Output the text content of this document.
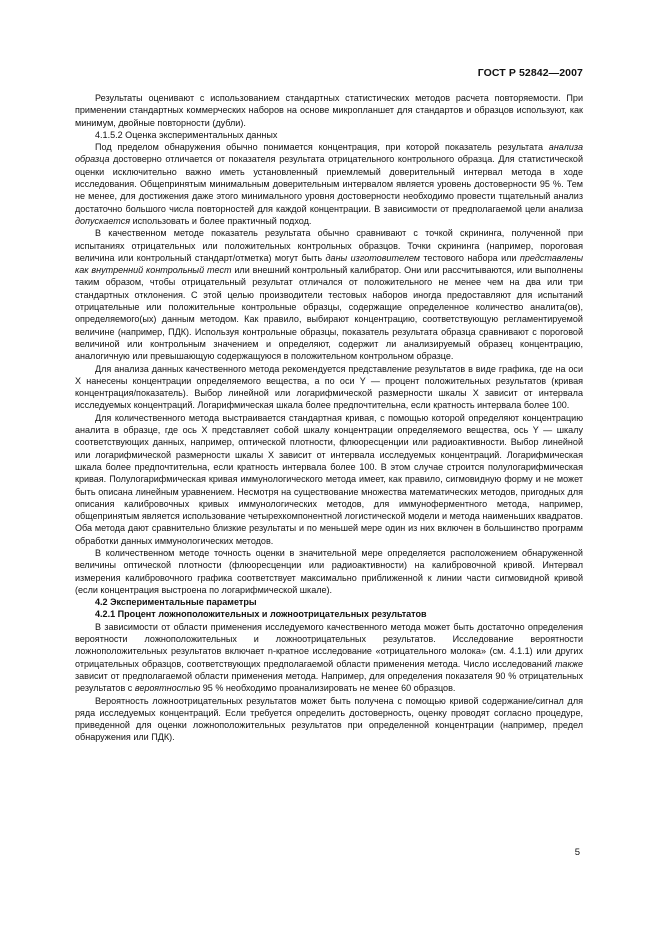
ГОСТ Р 52842—2007

Результаты оценивают с использованием стандартных статистических методов расчета повторяемости. При применении стандартных коммерческих наборов на основе микропланшет для стандартов и образцов используют, как минимум, двойные повторности (дубли).

4.1.5.2 Оценка экспериментальных данных

Под пределом обнаружения обычно понимается концентрация, при которой показатель результата анализа образца достоверно отличается от показателя результата отрицательного контрольного образца. Для статистической оценки исключительно важно иметь установленный приемлемый доверительный интервал метода в ходе исследования. Общепринятым минимальным доверительным интервалом является уровень достоверности 95 %. Тем не менее, для достижения даже этого минимального уровня достоверности необходимо провести тщательный анализ достаточно большого числа повторностей для каждой концентрации. В зависимости от предполагаемой цели анализа допускается использовать и более практичный подход.

В качественном методе показатель результата обычно сравнивают с точкой скрининга, полученной при испытаниях отрицательных или положительных контрольных образцов. Точки скрининга (например, пороговая величина или контрольный стандарт/отметка) могут быть даны изготовителем тестового набора или представлены как внутренний контрольный тест или внешний контрольный калибратор. Они или рассчитываются, или выполнены таким образом, чтобы отрицательный результат отличался от положительного не менее чем на два или три стандартных отклонения. С этой целью производители тестовых наборов иногда предоставляют для испытаний отрицательные или положительные контрольные образцы, содержащие определенное количество аналита(ов), определяемого(ых) данным методом. Как правило, выбирают концентрацию, соответствующую регламентируемой величине (например, ПДК). Используя контрольные образцы, показатель результата образца сравнивают с пороговой величиной или контрольным значением и определяют, содержит ли анализируемый образец концентрацию, аналогичную или превышающую содержащуюся в положительном контрольном образце.

Для анализа данных качественного метода рекомендуется представление результатов в виде графика, где на оси X нанесены концентрации определяемого вещества, а по оси Y — процент положительных результатов (кривая концентрация/показатель). Выбор линейной или логарифмической размерности шкалы X зависит от интервала исследуемых концентраций. Логарифмическая шкала более предпочтительна, если кратность интервала более 100.

Для количественного метода выстраивается стандартная кривая, с помощью которой определяют концентрацию аналита в образце, где ось X представляет собой шкалу концентрации определяемого вещества, ось Y — шкалу соответствующих данных, например, оптической плотности, флюоресценции или радиоактивности. Выбор линейной или логарифмической размерности шкалы X зависит от интервала исследуемых концентраций. Логарифмическая шкала более предпочтительна, если кратность интервала более 100. В этом случае строится полулогарифмическая кривая. Полулогарифмическая кривая иммунологического метода имеет, как правило, сигмовидную форму и не может быть описана линейным уравнением. Несмотря на существование множества математических методов, пригодных для описания калибровочных кривых иммунологических методов, для иммуноферментного метода, например, общепринятым является использование четырехкомпонентной логистической модели и метода наименьших квадратов. Оба метода дают сравнительно близкие результаты и по меньшей мере один из них включен в большинство программ обработки данных иммунологических методов.

В количественном методе точность оценки в значительной мере определяется расположением обнаруженной величины оптической плотности (флюоресценции или радиоактивности) на калибровочной кривой. Интервал измерения калибровочного графика соответствует максимально приближенной к линии части сигмовидной кривой (если концентрация выстроена по логарифмической шкале).

4.2 Экспериментальные параметры

4.2.1 Процент ложноположительных и ложноотрицательных результатов

В зависимости от области применения исследуемого качественного метода может быть достаточно определения вероятности ложноположительных и ложноотрицательных результатов. Исследование вероятности ложноположительных результатов включает n-кратное исследование «отрицательного молока» (см. 4.1.1) или других отрицательных образцов, соответствующих предполагаемой области применения метода. Число исследований также зависит от предполагаемой области применения метода. Например, для определения показателя 90 % отрицательных результатов с вероятностью 95 % необходимо проанализировать не менее 60 образцов.

Вероятность ложноотрицательных результатов может быть получена с помощью кривой содержание/сигнал для ряда исследуемых концентраций. Если требуется определить достоверность, оценку проводят согласно процедуре, приведенной для оценки ложноположительных результатов при определенной концентрации (например, предел обнаружения или ПДК).

5
